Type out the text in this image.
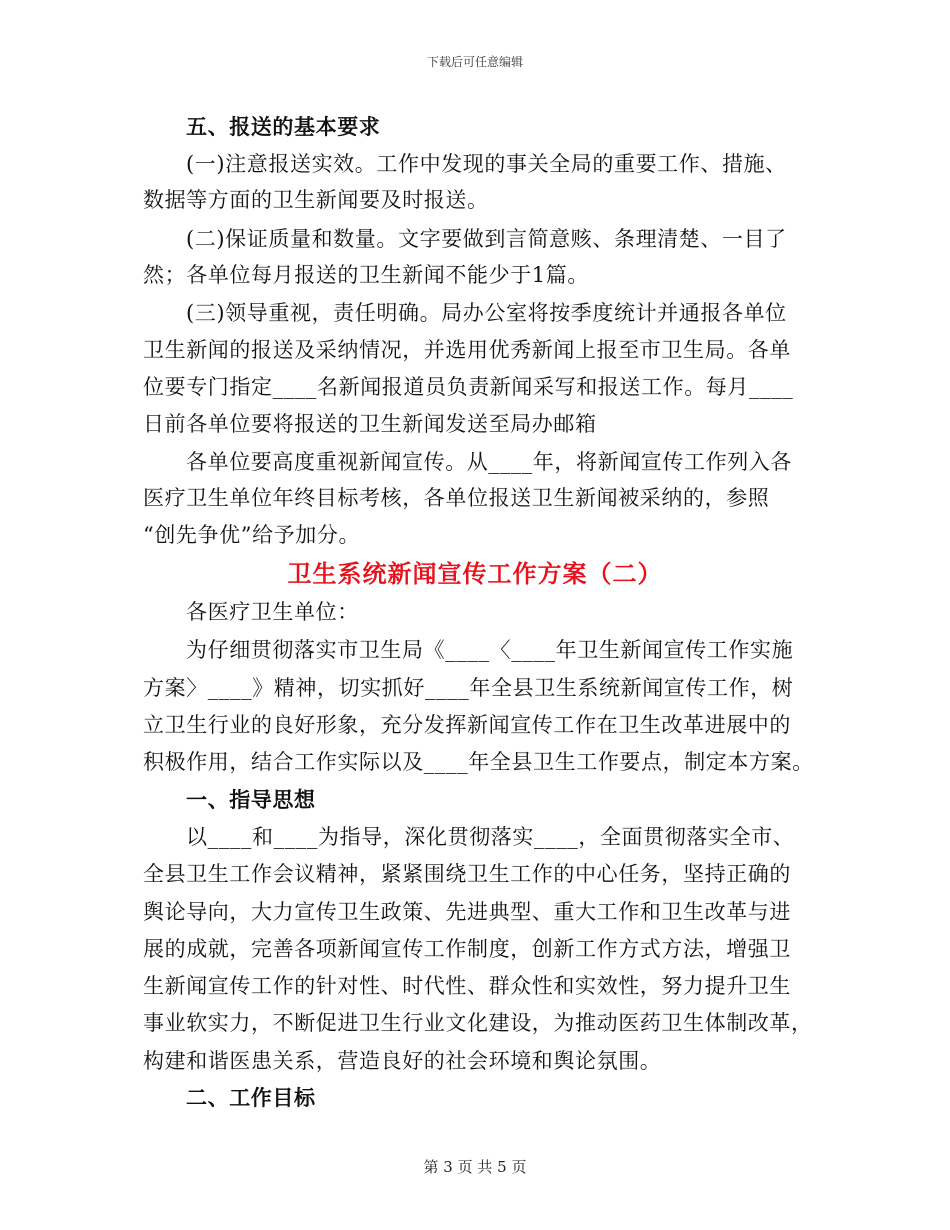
下载后可任意编辑
五、报送的基本要求
(一)注意报送实效。工作中发现的事关全局的重要工作、措施、
数据等方面的卫生新闻要及时报送。
(二)保证质量和数量。文字要做到言简意赅、条理清楚、一目了
然；各单位每月报送的卫生新闻不能少于1篇。
(三)领导重视，责任明确。局办公室将按季度统计并通报各单位
卫生新闻的报送及采纳情况，并选用优秀新闻上报至市卫生局。各单
位要专门指定____名新闻报道员负责新闻采写和报送工作。每月____
日前各单位要将报送的卫生新闻发送至局办邮箱
各单位要高度重视新闻宣传。从____年，将新闻宣传工作列入各
医疗卫生单位年终目标考核，各单位报送卫生新闻被采纳的，参照
“创先争优”给予加分。
卫生系统新闻宣传工作方案（二）
各医疗卫生单位：
为仔细贯彻落实市卫生局《____〈____年卫生新闻宣传工作实施
方案〉____》精神，切实抓好____年全县卫生系统新闻宣传工作，树
立卫生行业的良好形象，充分发挥新闻宣传工作在卫生改革进展中的
积极作用，结合工作实际以及____年全县卫生工作要点，制定本方案。
一、指导思想
以____和____为指导，深化贯彻落实____，全面贯彻落实全市、
全县卫生工作会议精神，紧紧围绕卫生工作的中心任务，坚持正确的
舆论导向，大力宣传卫生政策、先进典型、重大工作和卫生改革与进
展的成就，完善各项新闻宣传工作制度，创新工作方式方法，增强卫
生新闻宣传工作的针对性、时代性、群众性和实效性，努力提升卫生
事业软实力，不断促进卫生行业文化建设，为推动医药卫生体制改革，
构建和谐医患关系，营造良好的社会环境和舆论氛围。
二、工作目标
第 3 页 共 5 页
